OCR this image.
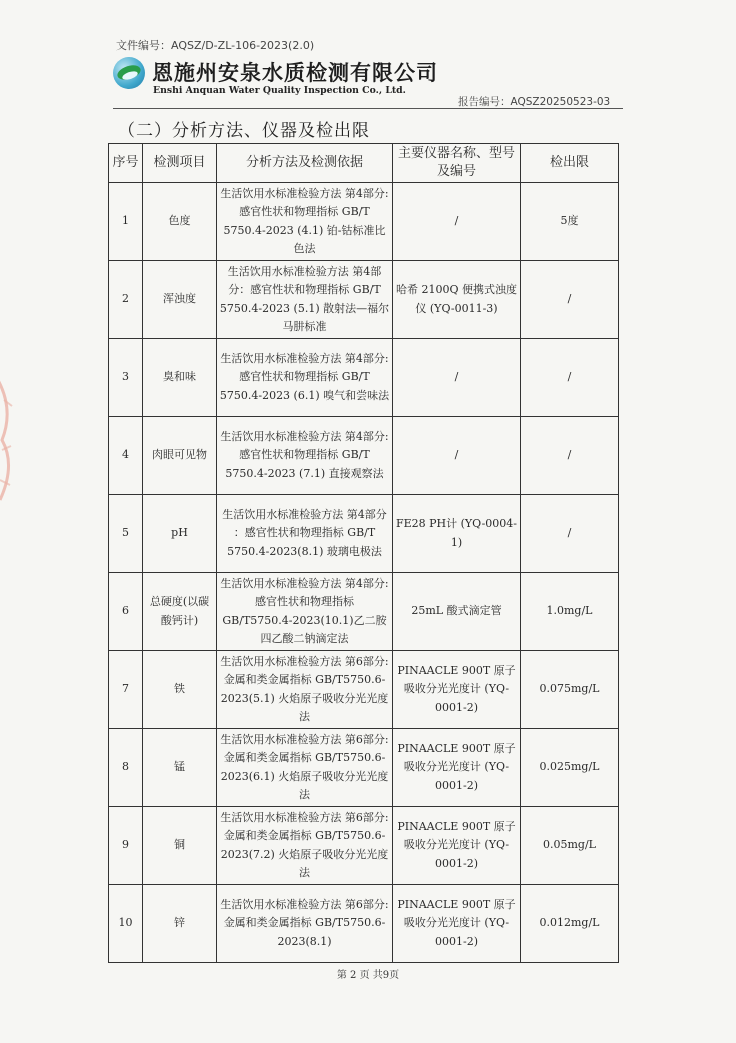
文件编号：AQSZ/D-ZL-106-2023(2.0)
恩施州安泉水质检测有限公司
Enshi Anquan Water Quality Inspection Co., Ltd.
报告编号：AQSZ20250523-03
（二）分析方法、仪器及检出限
序号	检测项目	分析方法及检测依据	主要仪器名称、型号及编号	检出限
1	色度	生活饮用水标准检验方法 第4部分:感官性状和物理指标 GB/T 5750.4-2023 (4.1) 铂-钴标准比色法	/	5度
2	浑浊度	生活饮用水标准检验方法 第4部分：感官性状和物理指标 GB/T 5750.4-2023 (5.1) 散射法—福尔马肼标准	哈希 2100Q 便携式浊度仪 (YQ-0011-3)	/
3	臭和味	生活饮用水标准检验方法 第4部分:感官性状和物理指标 GB/T 5750.4-2023 (6.1) 嗅气和尝味法	/	/
4	肉眼可见物	生活饮用水标准检验方法 第4部分:感官性状和物理指标 GB/T 5750.4-2023 (7.1) 直接观察法	/	/
5	pH	生活饮用水标准检验方法 第4部分 ：感官性状和物理指标 GB/T 5750.4-2023(8.1) 玻璃电极法	FE28 PH计 (YQ-0004-1)	/
6	总硬度(以碳酸钙计)	生活饮用水标准检验方法 第4部分:感官性状和物理指标 GB/T5750.4-2023(10.1)乙二胺四乙酸二钠滴定法	25mL 酸式滴定管	1.0mg/L
7	铁	生活饮用水标准检验方法 第6部分:金属和类金属指标 GB/T5750.6-2023(5.1) 火焰原子吸收分光光度法	PINAACLE 900T 原子吸收分光光度计 (YQ-0001-2)	0.075mg/L
8	锰	生活饮用水标准检验方法 第6部分:金属和类金属指标 GB/T5750.6-2023(6.1) 火焰原子吸收分光光度法	PINAACLE 900T 原子吸收分光光度计 (YQ-0001-2)	0.025mg/L
9	铜	生活饮用水标准检验方法 第6部分:金属和类金属指标 GB/T5750.6-2023(7.2) 火焰原子吸收分光光度法	PINAACLE 900T 原子吸收分光光度计 (YQ-0001-2)	0.05mg/L
10	锌	生活饮用水标准检验方法 第6部分:金属和类金属指标 GB/T5750.6-2023(8.1)	PINAACLE 900T 原子吸收分光光度计 (YQ-0001-2)	0.012mg/L
第 2 页 共9页
